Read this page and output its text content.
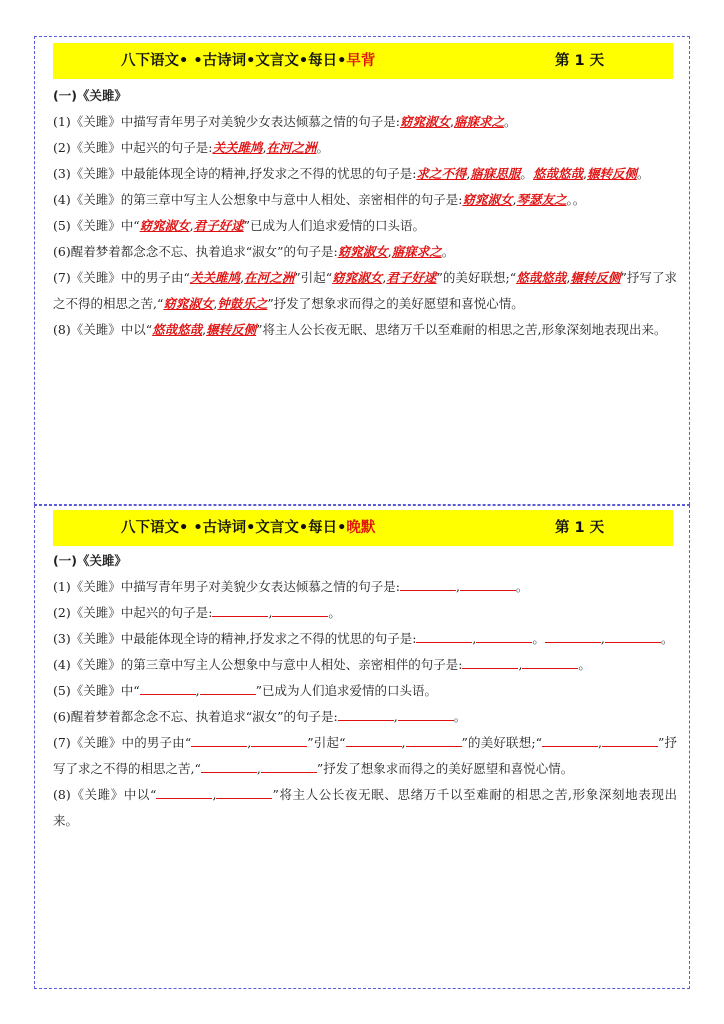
八下语文• •古诗词•文言文•每日•早背	第 1 天
(一)《关雎》

(1)《关雎》中描写青年男子对美貌少女表达倾慕之情的句子是:窈窕淑女,寤寐求之。

(2)《关雎》中起兴的句子是:关关雎鸠,在河之洲。

(3)《关雎》中最能体现全诗的精神,抒发求之不得的忧思的句子是:求之不得,寤寐思服。悠哉悠哉,辗转反侧。

(4)《关雎》的第三章中写主人公想象中与意中人相处、亲密相伴的句子是:窈窕淑女,琴瑟友之。。

(5)《关雎》中“窈窕淑女,君子好逑”已成为人们追求爱情的口头语。

(6)醒着梦着都念念不忘、执着追求“淑女”的句子是:窈窕淑女,寤寐求之。

(7)《关雎》中的男子由“关关雎鸠,在河之洲”引起“窈窕淑女,君子好逑”的美好联想;“悠哉悠哉,辗转反侧”抒写了求之不得的相思之苦,“窈窕淑女,钟鼓乐之”抒发了想象求而得之的美好愿望和喜悦心情。

(8)《关雎》中以“悠哉悠哉,辗转反侧”将主人公长夜无眠、思绪万千以至难耐的相思之苦,形象深刻地表现出来。

八下语文• •古诗词•文言文•每日•晚默	第 1 天
(一)《关雎》

(1)《关雎》中描写青年男子对美貌少女表达倾慕之情的句子是:	,	。

(2)《关雎》中起兴的句子是:	,	。

(3)《关雎》中最能体现全诗的精神,抒发求之不得的忧思的句子是:	,	。	,	。

(4)《关雎》的第三章中写主人公想象中与意中人相处、亲密相伴的句子是:	,	。

(5)《关雎》中“	,	”已成为人们追求爱情的口头语。

(6)醒着梦着都念念不忘、执着追求“淑女”的句子是:	,	。

(7)《关雎》中的男子由“	,	”引起“	,	”的美好联想;“	,	”抒写了求之不得的相思之苦,“	,	”抒发了想象求而得之的美好愿望和喜悦心情。

(8)《关雎》中以“	,	”将主人公长夜无眠、思绪万千以至难耐的相思之苦,形象深刻地表现出来。
